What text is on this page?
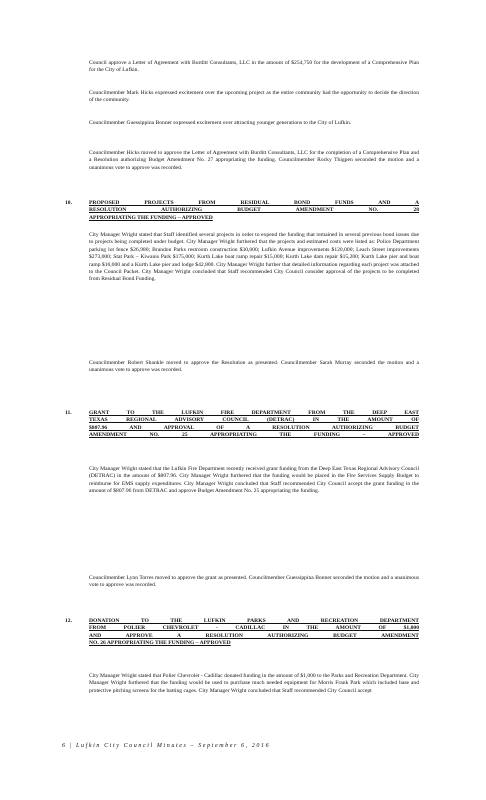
Council approve a Letter of Agreement with Burditt Consultants, LLC in the amount of $254,750 for the development of a Comprehensive Plan for the City of Lufkin.

Councilmember Mark Hicks expressed excitement over the upcoming project as the entire community had the opportunity to decide the direction of the community.

Councilmember Guessippina Bonner expressed excitement over attracting younger generations to the City of Lufkin.

Councilmember Hicks moved to approve the Letter of Agreement with Burditt Consultants, LLC for the completion of a Comprehensive Plan and a Resolution authorizing Budget Amendment No. 27 appropriating the funding. Councilmember Rocky Thigpen seconded the motion and a unanimous vote to approve was recorded.

10.	PROPOSED PROJECTS FROM RESIDUAL BOND FUNDS AND A
RESOLUTION AUTHORIZING BUDGET AMENDMENT NO. 28
APPROPRIATING THE FUNDING – APPROVED

City Manager Wright stated that Staff identified several projects in order to expend the funding that remained in several previous bond issues due to projects being completed under budget. City Manager Wright furthered that the projects and estimated costs were listed as: Police Department parking lot fence $26,980; Brandon Parks restroom construction $30,000; Lufkin Avenue improvements $120,000; Leach Street improvements $273,000; Stat Park – Kiwanis Park $175,000; Kurth Lake boat ramp repair $15,000; Kurth Lake dam repair $15,200; Kurth Lake pier and boat ramp $16,000 and a Kurth Lake pier and lodge $42,800. City Manager Wright further that detailed information regarding each project was attached to the Council Packet. City Manager Wright concluded that Staff recommended City Council consider approval of the projects to be completed from Residual Bond Funding.

Councilmember Robert Shankle moved to approve the Resolution as presented. Councilmember Sarah Murray seconded the motion and a unanimous vote to approve was recorded.

11.	GRANT TO THE LUFKIN FIRE DEPARTMENT FROM THE DEEP EAST
TEXAS REGIONAL ADVISORY COUNCIL (DETRAC) IN THE AMOUNT OF
$807.96 AND APPROVAL OF A RESOLUTION AUTHORIZING BUDGET
AMENDMENT NO. 25 APPROPRIATING THE FUNDING – APPROVED

City Manager Wright stated that the Lufkin Fire Department recently received grant funding from the Deep East Texas Regional Advisory Council (DETRAC) in the amount of $807.96. City Manager Wright furthered that the funding would be placed in the Fire Services Supply Budget to reimburse for EMS supply expenditures. City Manager Wright concluded that Staff recommended City Council accept the grant funding in the amount of $807.96 from DETRAC and approve Budget Amendment No. 25 appropriating the funding.

Councilmember Lynn Torres moved to approve the grant as presented. Councilmember Guessippina Bonner seconded the motion and a unanimous vote to approve was recorded.

12.	DONATION TO THE LUFKIN PARKS AND RECREATION DEPARTMENT
FROM POLIER CHEVROLET - CADILLAC IN THE AMOUNT OF $1,000
AND APPROVE A RESOLUTION AUTHORIZING BUDGET AMENDMENT
NO. 26 APPROPRIATING THE FUNDING – APPROVED

City Manager Wright stated that Polier Chevrolet - Cadillac donated funding in the amount of $1,000 to the Parks and Recreation Department. City Manager Wright furthered that the funding would be used to purchase much needed equipment for Morris Frank Park which included base and protective pitching screens for the batting cages. City Manager Wright concluded that Staff recommended City Council accept

6 | Lufkin City Council Minutes – September 6, 2016
